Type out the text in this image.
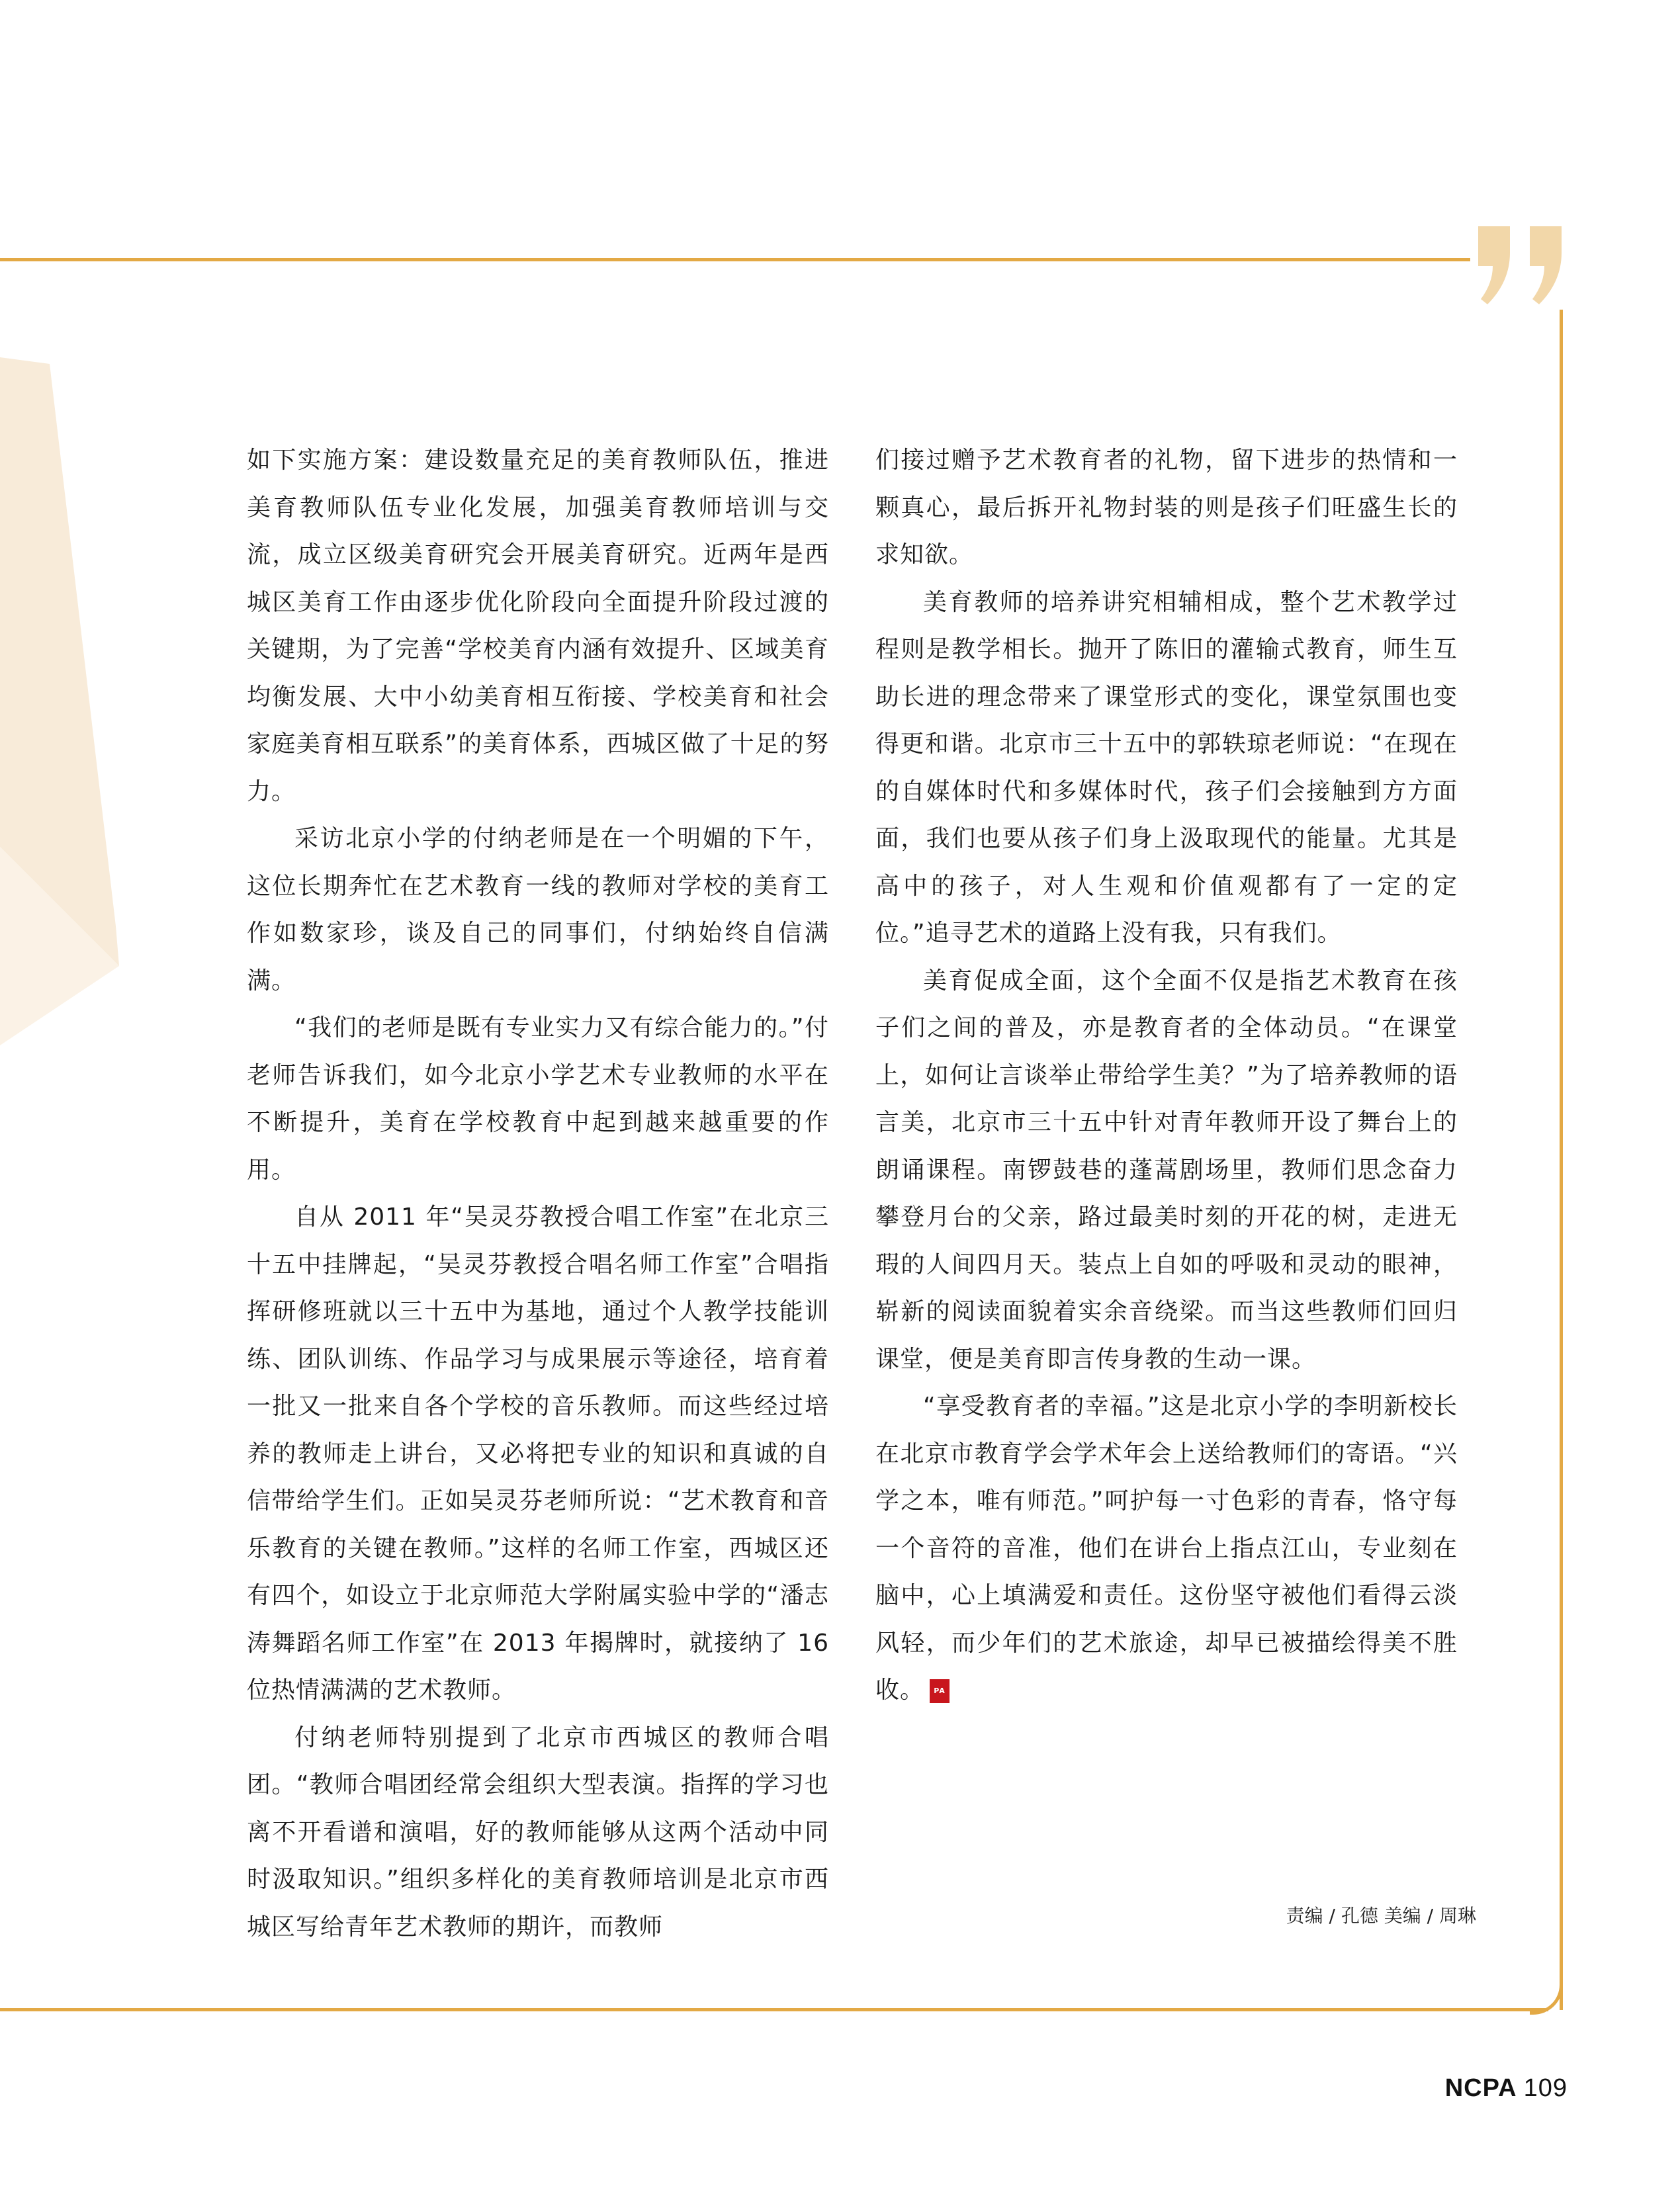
如下实施方案：建设数量充足的美育教师队伍，推进美育教师队伍专业化发展，加强美育教师培训与交流，成立区级美育研究会开展美育研究。近两年是西城区美育工作由逐步优化阶段向全面提升阶段过渡的关键期，为了完善“学校美育内涵有效提升、区域美育均衡发展、大中小幼美育相互衔接、学校美育和社会家庭美育相互联系”的美育体系，西城区做了十足的努力。

采访北京小学的付纳老师是在一个明媚的下午，这位长期奔忙在艺术教育一线的教师对学校的美育工作如数家珍，谈及自己的同事们，付纳始终自信满满。

“我们的老师是既有专业实力又有综合能力的。”付老师告诉我们，如今北京小学艺术专业教师的水平在不断提升，美育在学校教育中起到越来越重要的作用。

自从 2011 年“吴灵芬教授合唱工作室”在北京三十五中挂牌起，“吴灵芬教授合唱名师工作室”合唱指挥研修班就以三十五中为基地，通过个人教学技能训练、团队训练、作品学习与成果展示等途径，培育着一批又一批来自各个学校的音乐教师。而这些经过培养的教师走上讲台，又必将把专业的知识和真诚的自信带给学生们。正如吴灵芬老师所说：“艺术教育和音乐教育的关键在教师。”这样的名师工作室，西城区还有四个，如设立于北京师范大学附属实验中学的“潘志涛舞蹈名师工作室”在 2013 年揭牌时，就接纳了 16 位热情满满的艺术教师。

付纳老师特别提到了北京市西城区的教师合唱团。“教师合唱团经常会组织大型表演。指挥的学习也离不开看谱和演唱，好的教师能够从这两个活动中同时汲取知识。”组织多样化的美育教师培训是北京市西城区写给青年艺术教师的期许，而教师

们接过赠予艺术教育者的礼物，留下进步的热情和一颗真心，最后拆开礼物封装的则是孩子们旺盛生长的求知欲。

美育教师的培养讲究相辅相成，整个艺术教学过程则是教学相长。抛开了陈旧的灌输式教育，师生互助长进的理念带来了课堂形式的变化，课堂氛围也变得更和谐。北京市三十五中的郭轶琼老师说：“在现在的自媒体时代和多媒体时代，孩子们会接触到方方面面，我们也要从孩子们身上汲取现代的能量。尤其是高中的孩子，对人生观和价值观都有了一定的定位。”追寻艺术的道路上没有我，只有我们。

美育促成全面，这个全面不仅是指艺术教育在孩子们之间的普及，亦是教育者的全体动员。“在课堂上，如何让言谈举止带给学生美？”为了培养教师的语言美，北京市三十五中针对青年教师开设了舞台上的朗诵课程。南锣鼓巷的蓬蒿剧场里，教师们思念奋力攀登月台的父亲，路过最美时刻的开花的树，走进无瑕的人间四月天。装点上自如的呼吸和灵动的眼神，崭新的阅读面貌着实余音绕梁。而当这些教师们回归课堂，便是美育即言传身教的生动一课。

“享受教育者的幸福。”这是北京小学的李明新校长在北京市教育学会学术年会上送给教师们的寄语。“兴学之本，唯有师范。”呵护每一寸色彩的青春，恪守每一个音符的音准，他们在讲台上指点江山，专业刻在脑中，心上填满爱和责任。这份坚守被他们看得云淡风轻，而少年们的艺术旅途，却早已被描绘得美不胜收。	NC
PA

责编 / 孔德 美编 / 周琳
NCPA 109
